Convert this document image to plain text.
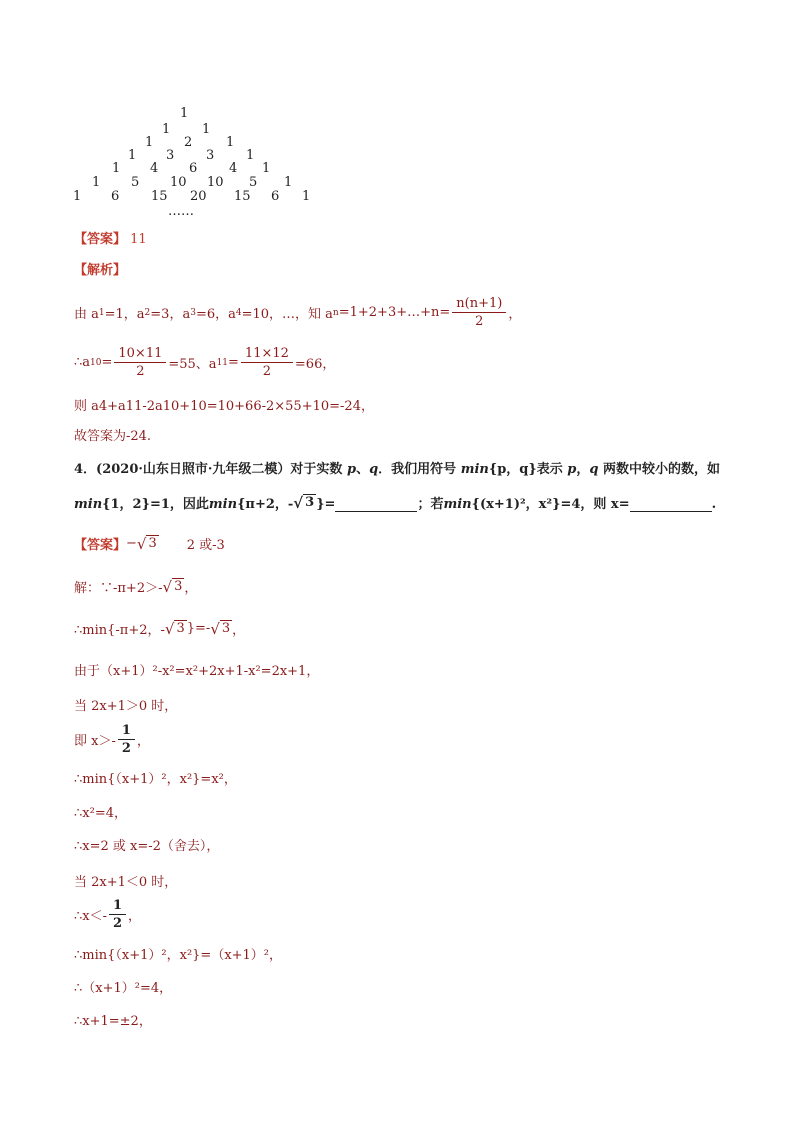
1
1 1
1 2	1
1 3 3 1
1 4 6 4 1
1 5 10 10 5 1
1 6 15 20 15 6 1
……
【答案】 11
【解析】
由 a 1 =1，a 2 =3，a 3 =6，a 4 =10，…，知 a n =1+2+3+…+n= $\frac{n(n+1)}{2}$ ，
∴a $10 = \frac{10\times 11}{2} =55$、a $11 = \frac{11\times 12}{2} =66$，
则 a4+a11-2a10+10=10+66-2×55+10=-24，
故答案为-24.
4．(2020·山东日照市·九年级二模）对于实数 p、q．我们用符号 min{p，q}表示 p，q 两数中较小的数，如
min {1，2}=1，因此 min {π+2，- √ 3 }=	；若 min {(x+1)²，x²}=4，则 x=	.
【答案】 − √ 3 2 或-3
解：∵-π+2＞- √ 3 ，
∴min{-π+2，- √ 3 }=- √ 3 ，
由于（x+1）²-x²=x²+2x+1-x²=2x+1，
当 2x+1＞0 时，
即 $x>- \frac{1}{2}$ ，
∴min{（x+1）²，x²}=x²，
∴x²=4，
∴x=2 或 x=-2（舍去），
当 2x+1＜0 时，
∴x＜- $\frac{1}{2}$ ，
∴min{（x+1）²，x²}=（x+1）²，
∴（x+1）²=4，
∴x+1=±2，
